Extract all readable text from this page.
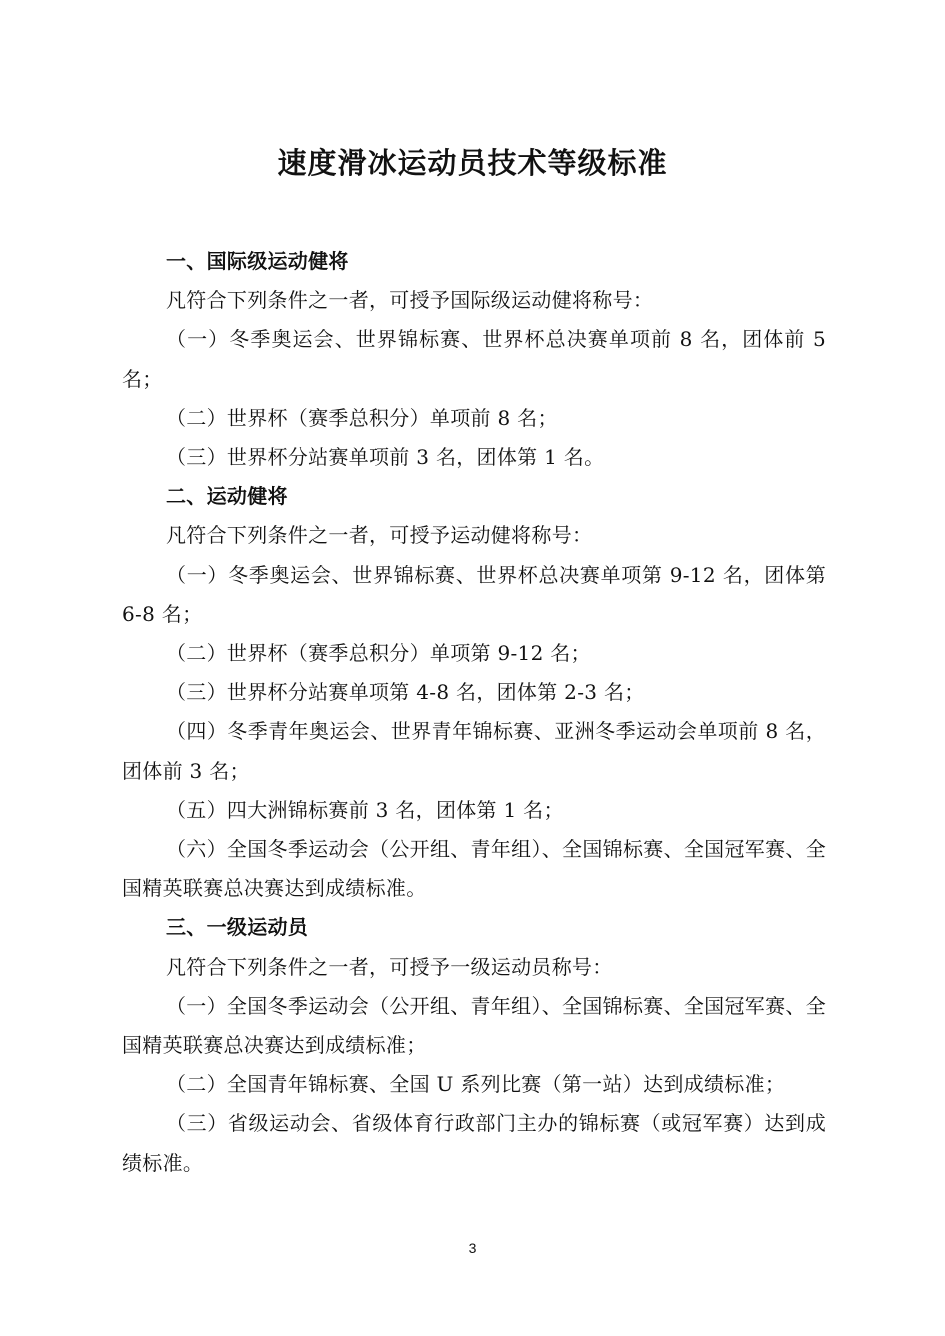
速度滑冰运动员技术等级标准

一、国际级运动健将

凡符合下列条件之一者，可授予国际级运动健将称号：

（一）冬季奥运会、世界锦标赛、世界杯总决赛单项前 8 名，团体前 5 名；

（二）世界杯（赛季总积分）单项前 8 名；

（三）世界杯分站赛单项前 3 名，团体第 1 名。

二、运动健将

凡符合下列条件之一者，可授予运动健将称号：

（一）冬季奥运会、世界锦标赛、世界杯总决赛单项第 9-12 名，团体第 6-8 名；

（二）世界杯（赛季总积分）单项第 9-12 名；

（三）世界杯分站赛单项第 4-8 名，团体第 2-3 名；

（四）冬季青年奥运会、世界青年锦标赛、亚洲冬季运动会单项前 8 名，团体前 3 名；

（五）四大洲锦标赛前 3 名，团体第 1 名；

（六）全国冬季运动会（公开组、青年组）、全国锦标赛、全国冠军赛、全国精英联赛总决赛达到成绩标准。

三、一级运动员

凡符合下列条件之一者，可授予一级运动员称号：

（一）全国冬季运动会（公开组、青年组）、全国锦标赛、全国冠军赛、全国精英联赛总决赛达到成绩标准；

（二）全国青年锦标赛、全国 U 系列比赛（第一站）达到成绩标准；

（三）省级运动会、省级体育行政部门主办的锦标赛（或冠军赛）达到成绩标准。

3
